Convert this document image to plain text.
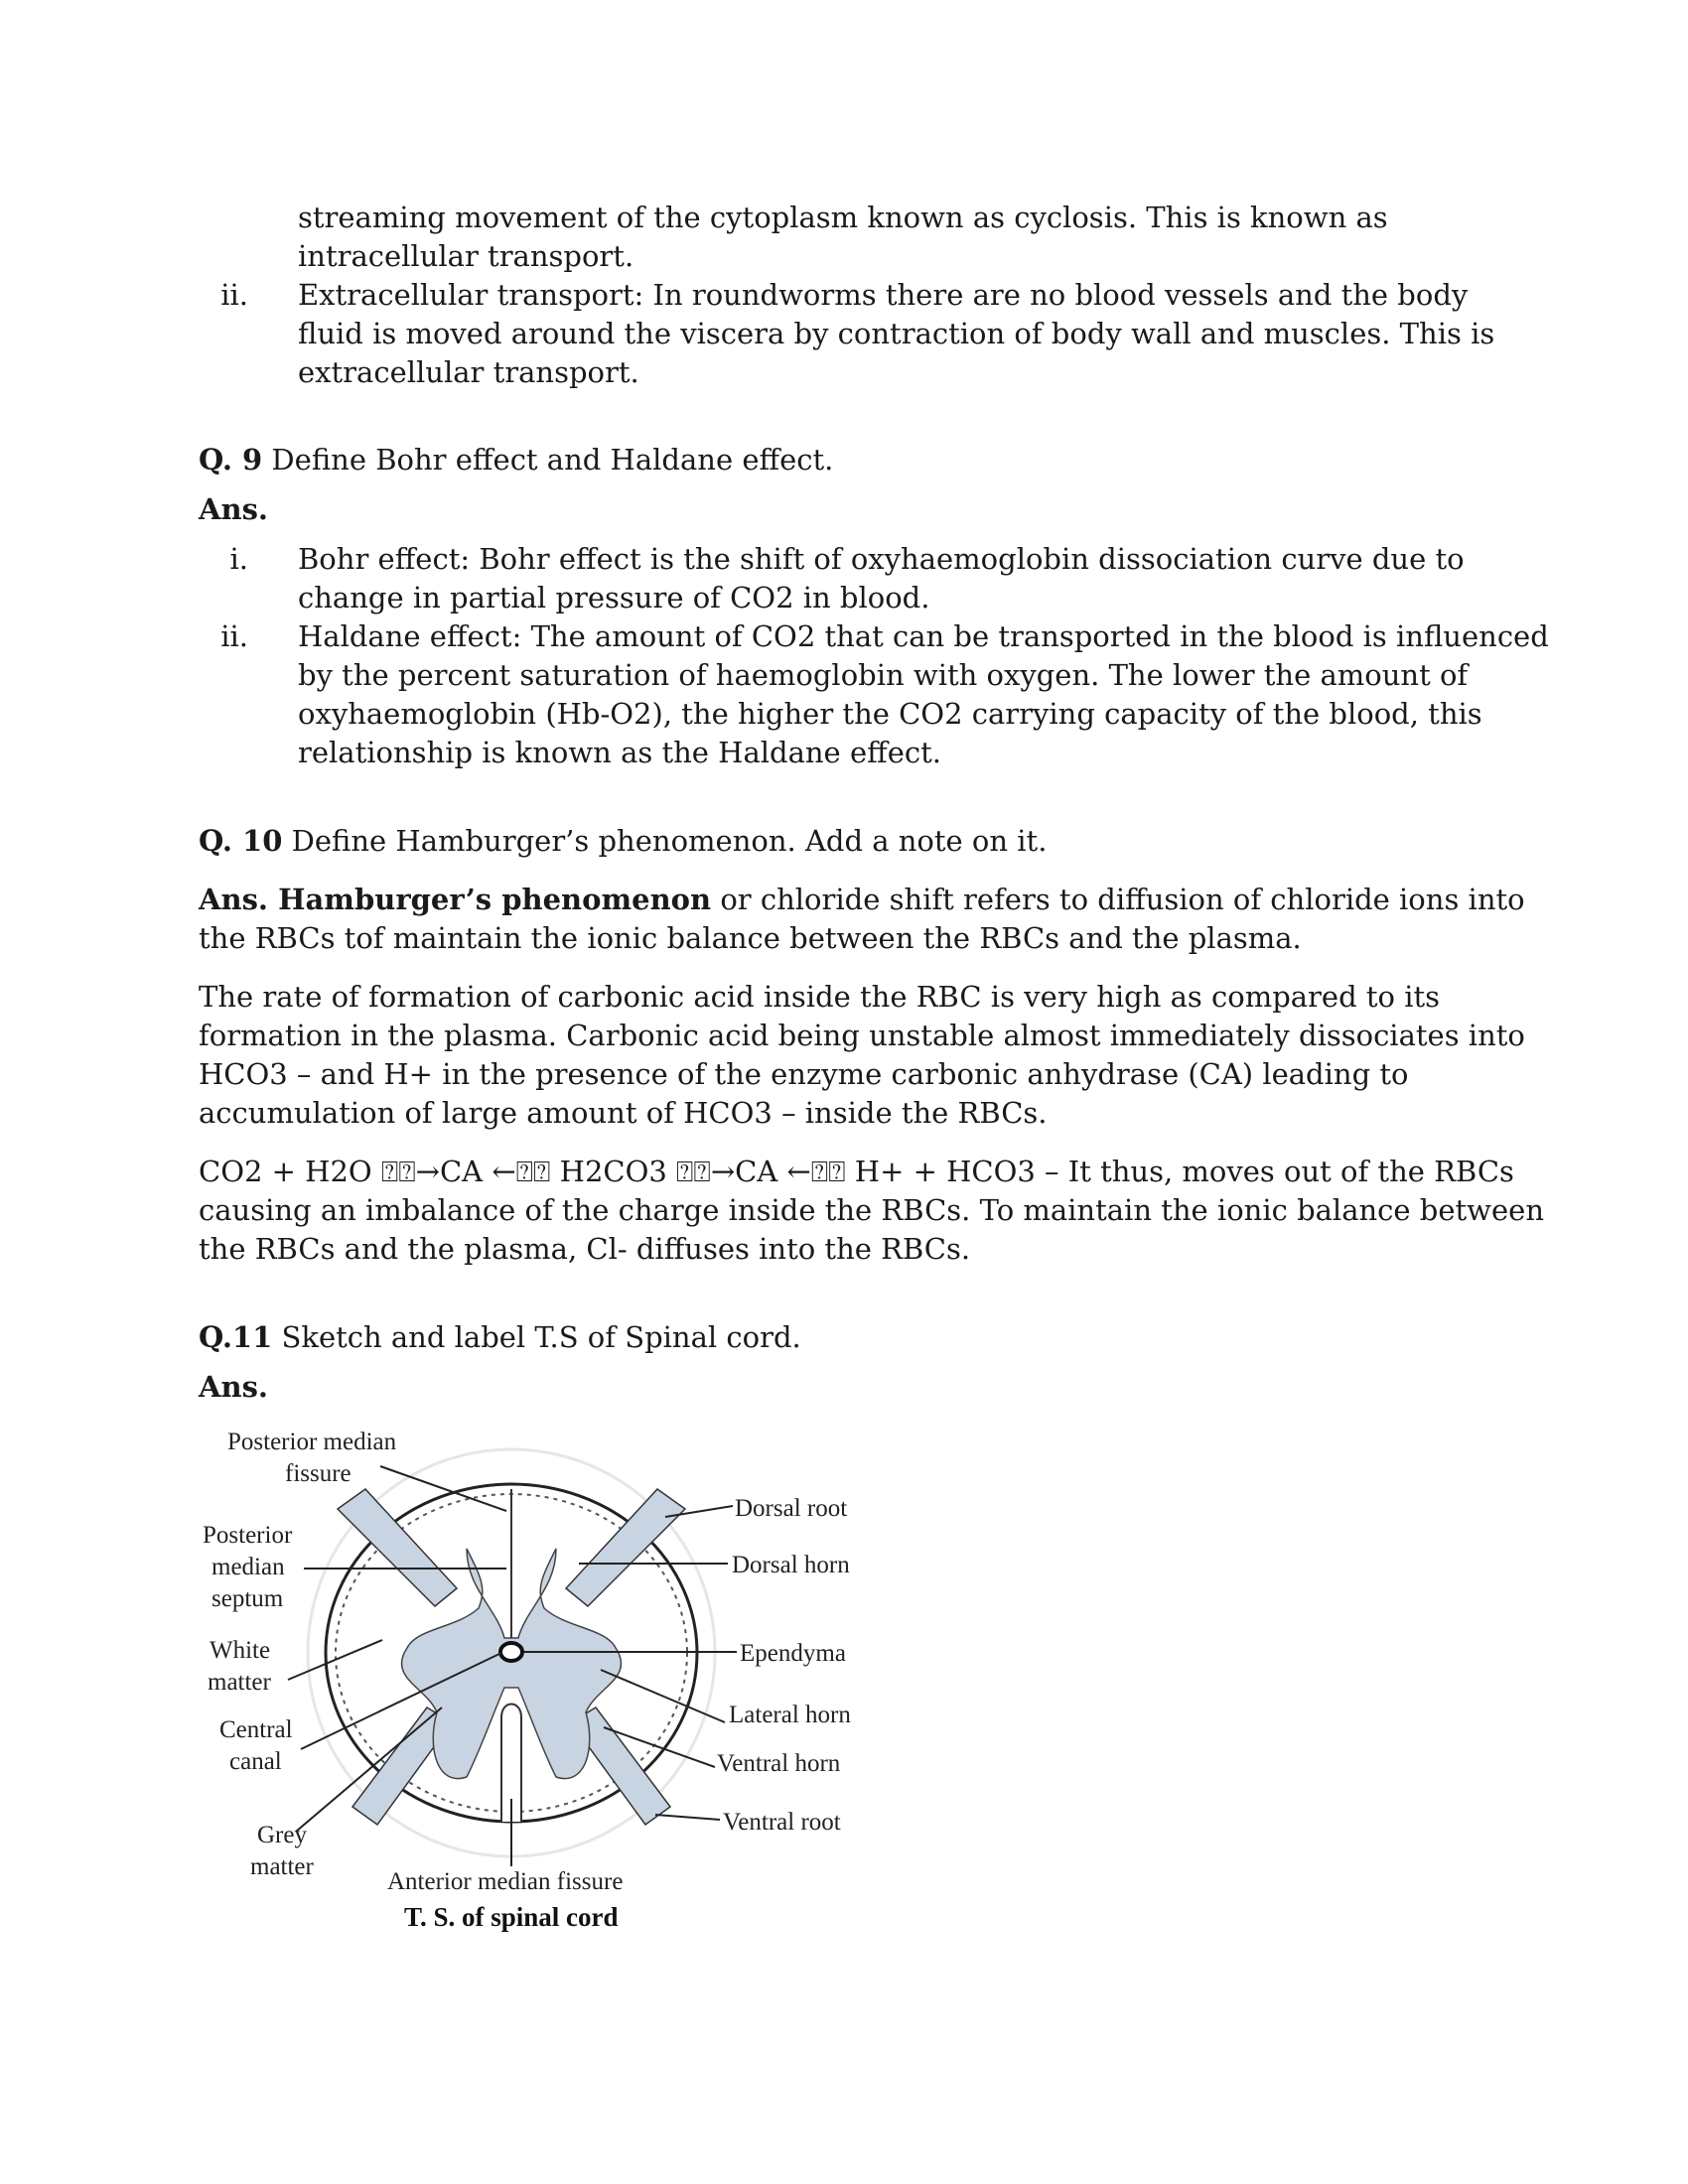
streaming movement of the cytoplasm known as cyclosis. This is known as
intracellular transport.
ii. Extracellular transport: In roundworms there are no blood vessels and the body
fluid is moved around the viscera by contraction of body wall and muscles. This is
extracellular transport.
Q. 9 Define Bohr effect and Haldane effect.
Ans.
i. Bohr effect: Bohr effect is the shift of oxyhaemoglobin dissociation curve due to
change in partial pressure of CO2 in blood.
ii. Haldane effect: The amount of CO2 that can be transported in the blood is influenced
by the percent saturation of haemoglobin with oxygen. The lower the amount of
oxyhaemoglobin (Hb-O2), the higher the CO2 carrying capacity of the blood, this
relationship is known as the Haldane effect.
Q. 10 Define Hamburger’s phenomenon. Add a note on it.
Ans. Hamburger’s phenomenon or chloride shift refers to diffusion of chloride ions into
the RBCs tof maintain the ionic balance between the RBCs and the plasma.
The rate of formation of carbonic acid inside the RBC is very high as compared to its
formation in the plasma. Carbonic acid being unstable almost immediately dissociates into
HCO3 – and H+ in the presence of the enzyme carbonic anhydrase (CA) leading to
accumulation of large amount of HCO3 – inside the RBCs.
CO2 + H2O ⍰⍰→CA ←⍰⍰ H2CO3 ⍰⍰→CA ←⍰⍰ H+ + HCO3 – It thus, moves out of the RBCs
causing an imbalance of the charge inside the RBCs. To maintain the ionic balance between
the RBCs and the plasma, Cl- diffuses into the RBCs.
Q.11 Sketch and label T.S of Spinal cord.
Ans.
Posterior median
fissure
Posterior
median
septum
White
matter
Central
canal
Grey
matter
Anterior median fissure
Dorsal root
Dorsal horn
Ependyma
Lateral horn
Ventral horn
Ventral root
T. S. of spinal cord
